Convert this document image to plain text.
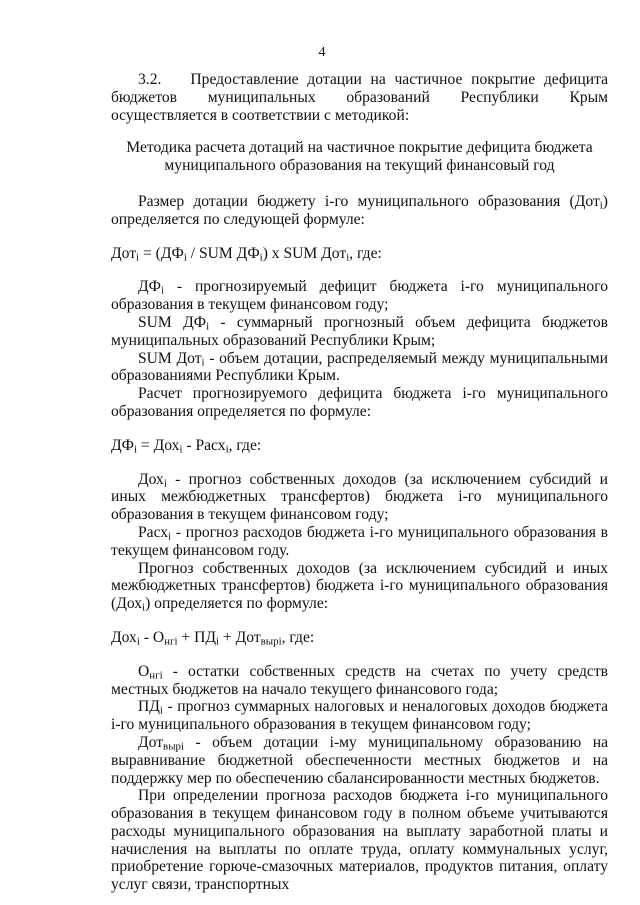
4

3.2. Предоставление дотации на частичное покрытие дефицита бюджетов муниципальных образований Республики Крым осуществляется в соответствии с методикой:

Методика расчета дотаций на частичное покрытие дефицита бюджета
муниципального образования на текущий финансовый год

Размер дотации бюджету i-го муниципального образования (Дот$_i$) определяется по следующей формуле:

$Дот_i = (ДФ_i$ / SUM $ДФ_i$) x SUM Дот$_i$, где:

$ДФ_i$ - прогнозируемый дефицит бюджета i-го муниципального образования в текущем финансовом году;

SUM $ДФ_i$ - суммарный прогнозный объем дефицита бюджетов муниципальных образований Республики Крым;

SUM Дот$_i$ - объем дотации, распределяемый между муниципальными образованиями Республики Крым.

Расчет прогнозируемого дефицита бюджета i-го муниципального образования определяется по формуле:

$ДФ_i = Дох_i$ - Расх$_i$, где:

Дох$_i$ - прогноз собственных доходов (за исключением субсидий и иных межбюджетных трансфертов) бюджета i-го муниципального образования в текущем финансовом году;

Расх$_i$ - прогноз расходов бюджета i-го муниципального образования в текущем финансовом году.

Прогноз собственных доходов (за исключением субсидий и иных межбюджетных трансфертов) бюджета i-го муниципального образования (Дох$_i$) определяется по формуле:

$Дох_i - О_{нгi} + ПД_i + Дот_{вырi}$, где:

$О_{нгi}$ - остатки собственных средств на счетах по учету средств местных бюджетов на начало текущего финансового года;

$ПД_i$ - прогноз суммарных налоговых и неналоговых доходов бюджета i-го муниципального образования в текущем финансовом году;

Дот$_{вырi}$ - объем дотации i-му муниципальному образованию на выравнивание бюджетной обеспеченности местных бюджетов и на поддержку мер по обеспечению сбалансированности местных бюджетов.

При определении прогноза расходов бюджета i-го муниципального образования в текущем финансовом году в полном объеме учитываются расходы муниципального образования на выплату заработной платы и начисления на выплаты по оплате труда, оплату коммунальных услуг, приобретение горюче-смазочных материалов, продуктов питания, оплату услуг связи, транспортных
